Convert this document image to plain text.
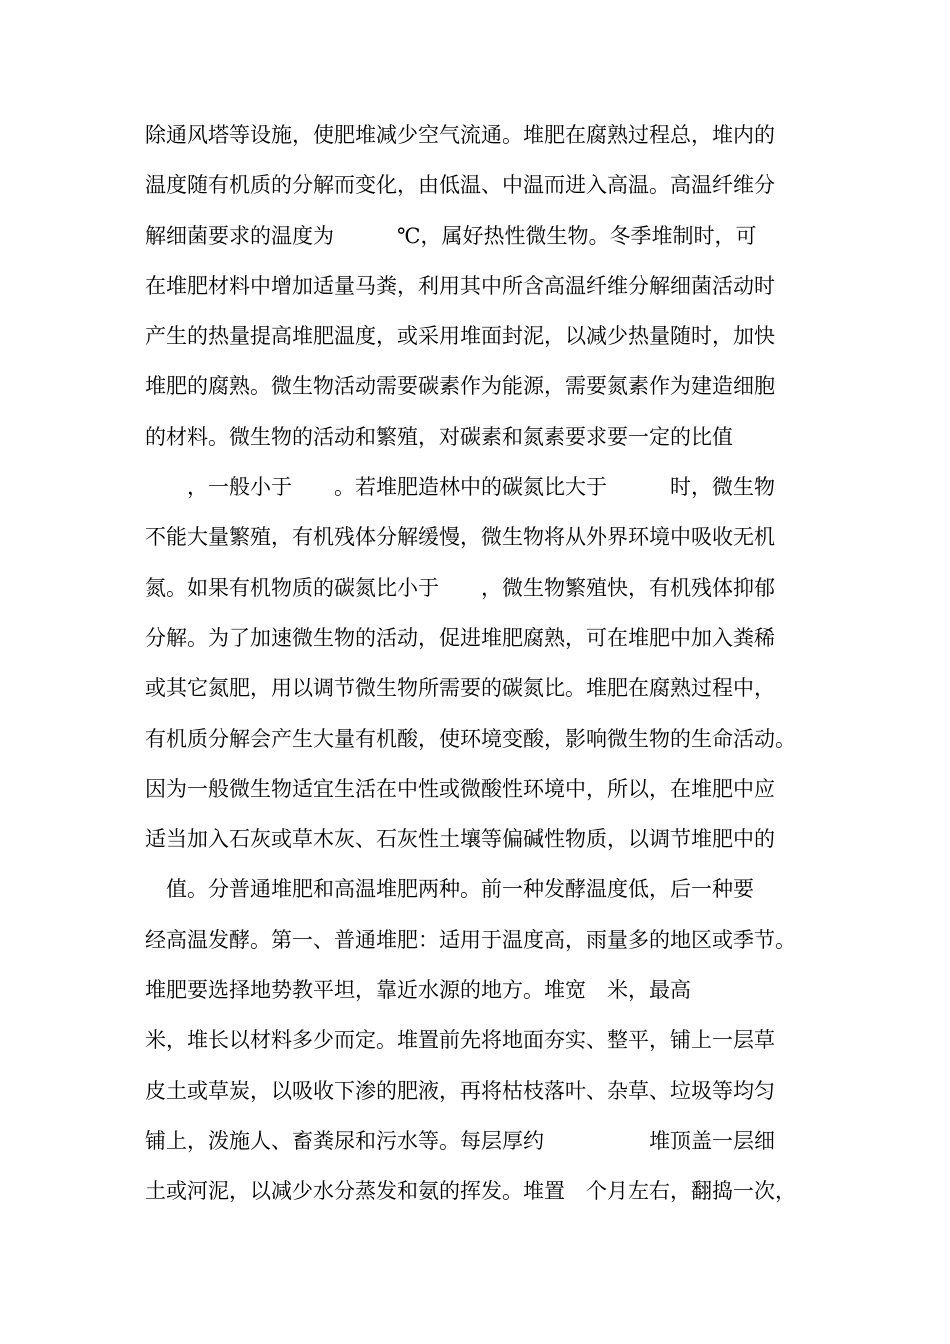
除通风塔等设施，使肥堆减少空气流通。堆肥在腐熟过程总，堆内的
温度随有机质的分解而变化，由低温、中温而进入高温。高温纤维分
解细菌要求的温度为　　　℃，属好热性微生物。冬季堆制时，可
在堆肥材料中增加适量马粪，利用其中所含高温纤维分解细菌活动时
产生的热量提高堆肥温度，或采用堆面封泥，以减少热量随时，加快
堆肥的腐熟。微生物活动需要碳素作为能源，需要氮素作为建造细胞
的材料。微生物的活动和繁殖，对碳素和氮素要求要一定的比值
　　，一般小于　　。若堆肥造林中的碳氮比大于　　　时，微生物
不能大量繁殖，有机残体分解缓慢，微生物将从外界环境中吸收无机
氮。如果有机物质的碳氮比小于　　，微生物繁殖快，有机残体抑郁
分解。为了加速微生物的活动，促进堆肥腐熟，可在堆肥中加入粪稀
或其它氮肥，用以调节微生物所需要的碳氮比。堆肥在腐熟过程中，
有机质分解会产生大量有机酸，使环境变酸，影响微生物的生命活动。
因为一般微生物适宜生活在中性或微酸性环境中，所以，在堆肥中应
适当加入石灰或草木灰、石灰性土壤等偏碱性物质，以调节堆肥中的
　值。分普通堆肥和高温堆肥两种。前一种发酵温度低，后一种要
经高温发酵。第一、普通堆肥：适用于温度高，雨量多的地区或季节。
堆肥要选择地势教平坦，靠近水源的地方。堆宽　米，最高
米，堆长以材料多少而定。堆置前先将地面夯实、整平，铺上一层草
皮土或草炭，以吸收下渗的肥液，再将枯枝落叶、杂草、垃圾等均匀
铺上，泼施人、畜粪尿和污水等。每层厚约　　　　　堆顶盖一层细
土或河泥，以减少水分蒸发和氨的挥发。堆置　个月左右，翻捣一次，
